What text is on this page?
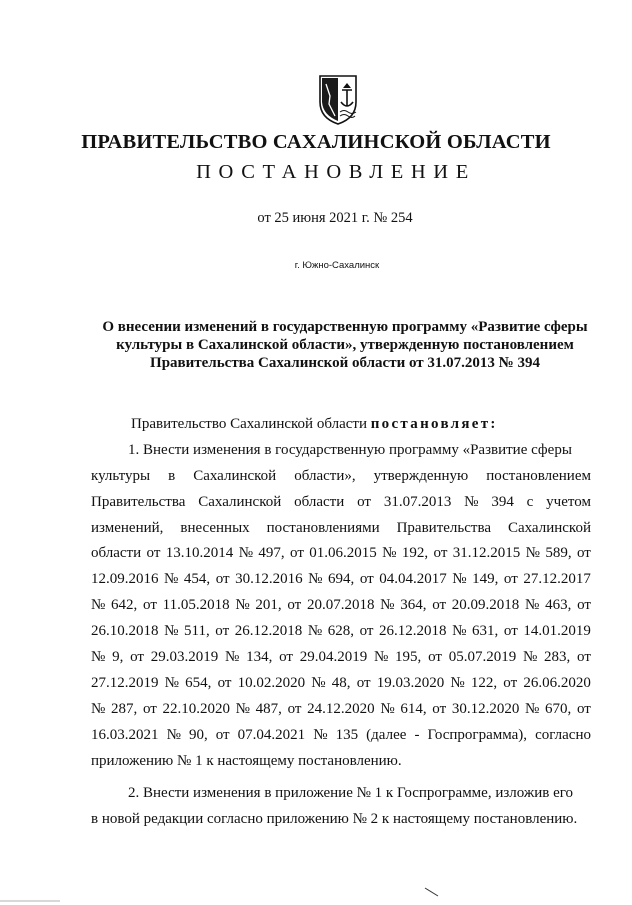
ПРАВИТЕЛЬСТВО САХАЛИНСКОЙ ОБЛАСТИ
ПОСТАНОВЛЕНИЕ
от 25 июня 2021 г. № 254
г. Южно-Сахалинск
О внесении изменений в государственную программу «Развитие сферы
культуры в Сахалинской области», утвержденную постановлением
Правительства Сахалинской области от 31.07.2013 № 394
Правительство Сахалинской области постановляет:
1. Внести изменения в государственную программу «Развитие сферы
культуры в Сахалинской области», утвержденную постановлением
Правительства Сахалинской области от 31.07.2013 № 394 с учетом
изменений, внесенных постановлениями Правительства Сахалинской
области от 13.10.2014 № 497, от 01.06.2015 № 192, от 31.12.2015 № 589, от
12.09.2016 № 454, от 30.12.2016 № 694, от 04.04.2017 № 149, от 27.12.2017
№ 642, от 11.05.2018 № 201, от 20.07.2018 № 364, от 20.09.2018 № 463, от
26.10.2018 № 511, от 26.12.2018 № 628, от 26.12.2018 № 631, от 14.01.2019
№ 9, от 29.03.2019 № 134, от 29.04.2019 № 195, от 05.07.2019 № 283, от
27.12.2019 № 654, от 10.02.2020 № 48, от 19.03.2020 № 122, от 26.06.2020
№ 287, от 22.10.2020 № 487, от 24.12.2020 № 614, от 30.12.2020 № 670, от
16.03.2021 № 90, от 07.04.2021 № 135 (далее - Госпрограмма), согласно
приложению № 1 к настоящему постановлению.
2. Внести изменения в приложение № 1 к Госпрограмме, изложив его
в новой редакции согласно приложению № 2 к настоящему постановлению.
